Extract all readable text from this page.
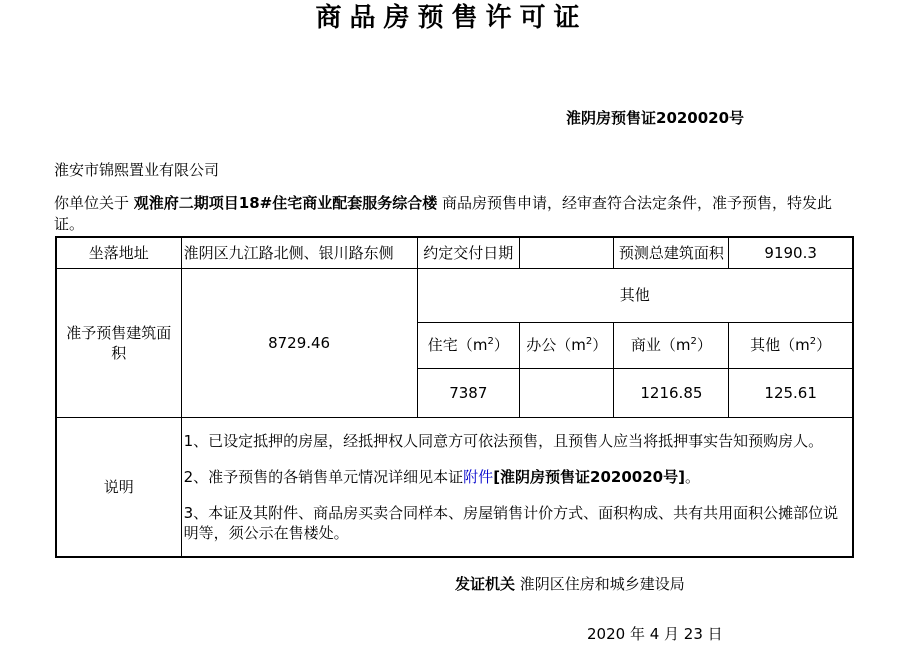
商品房预售许可证
淮阴房预售证2020020号
淮安市锦熙置业有限公司
你单位关于 观淮府二期项目18#住宅商业配套服务综合楼 商品房预售申请，经审查符合法定条件，准予预售，特发此证。
坐落地址	淮阴区九江路北侧、银川路东侧	约定交付日期		预测总建筑面积	9190.3
准予预售建筑面积	8729.46	其他			
		住宅$(m^2)$	办公$(m^2)$	商业$(m^2)$	其他$(m^2)$
		7387		1216.85	125.61
说明	1、已设定抵押的房屋，经抵押权人同意方可依法预售，且预售人应当将抵押事实告知预购房人。

2、准予预售的各销售单元情况详细见本证附件[淮阴房预售证2020020号]。

3、本证及其附件、商品房买卖合同样本、房屋销售计价方式、面积构成、共有共用面积公摊部位说明等，须公示在售楼处。				

发证机关 淮阴区住房和城乡建设局
2020 年 4 月 23 日
